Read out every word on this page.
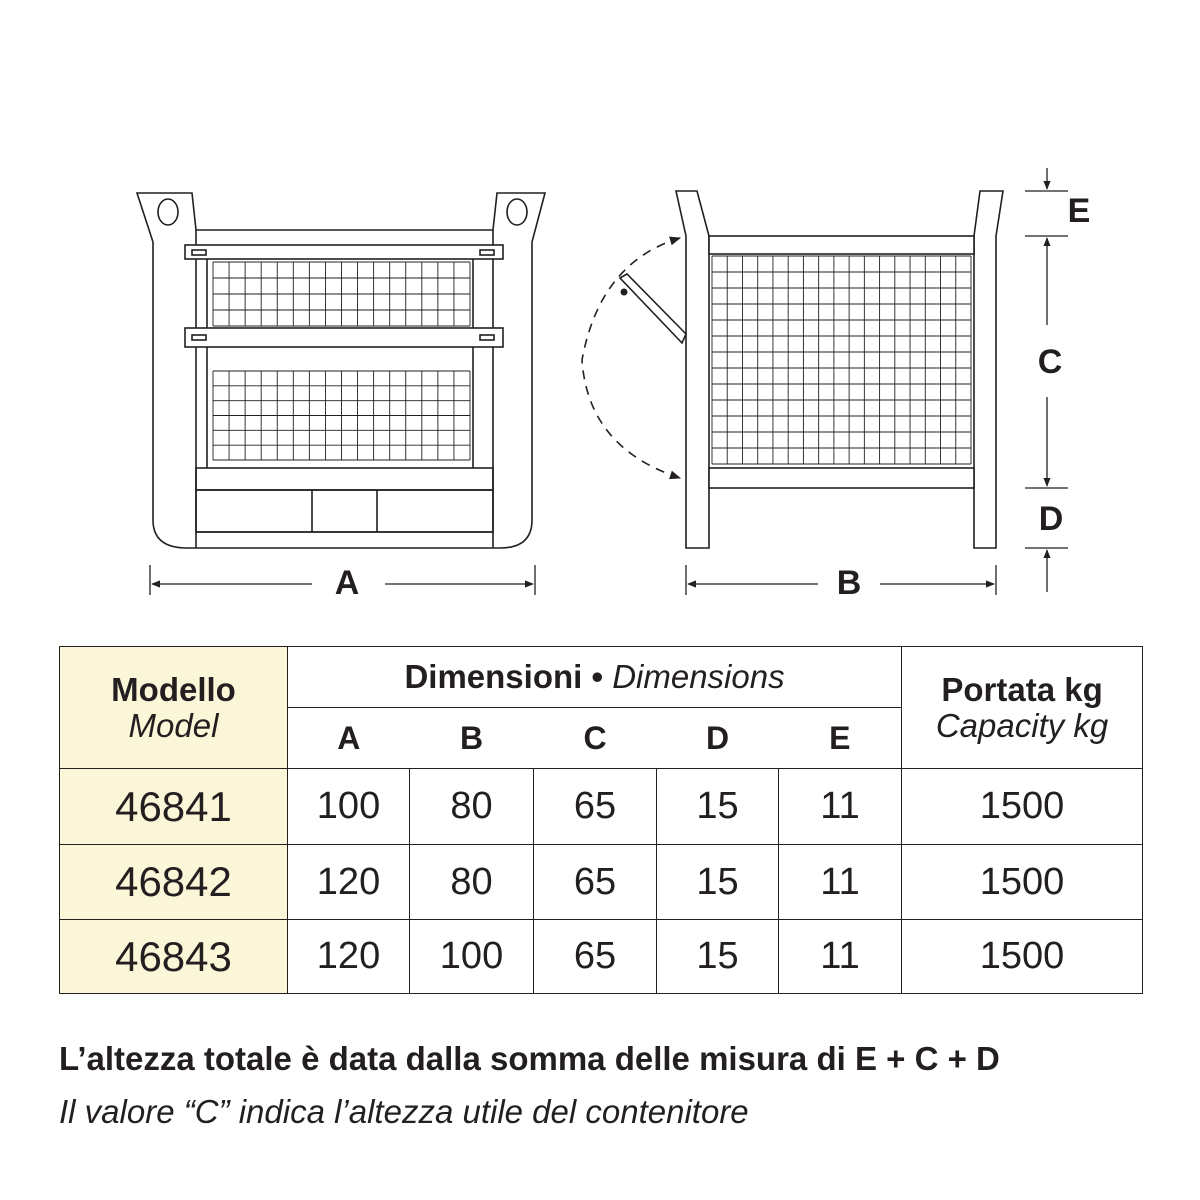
A	B
E
C
D
Modello
Model	Dimensioni • Dimensions					Portata kg
Capacity kg

	A	B	C	D	E	
46841	100	80	65	15	11	1500
46842	120	80	65	15	11	1500
46843	120	100	65	15	11	1500

L’altezza totale è data dalla somma delle misura di E + C + D

Il valore “C” indica l’altezza utile del contenitore
